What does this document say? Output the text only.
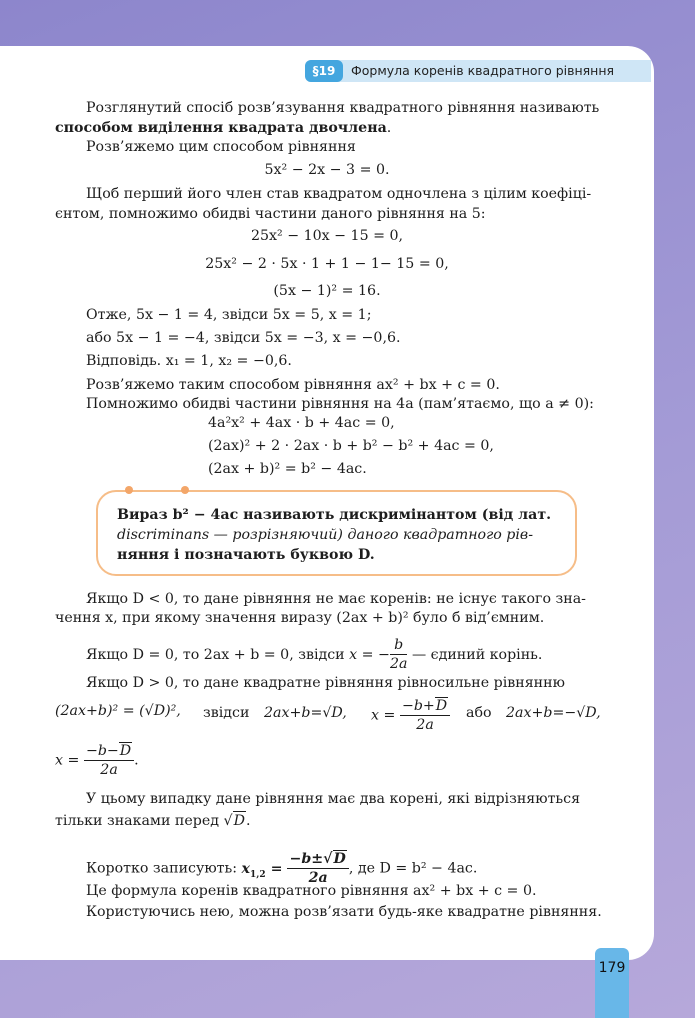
§19	Формула коренів квадратного рівняння
Розглянутий спосіб розв’язування квадратного рівняння називають
способом виділення квадрата двочлена.
Розв’яжемо цим способом рівняння
5x² − 2x − 3 = 0.
Щоб перший його член став квадратом одночлена з цілим коефіці-
єнтом, помножимо обидві частини даного рівняння на 5:
25x² − 10x − 15 = 0,
25x² − 2 · 5x · 1 + 1 − 1− 15 = 0,
(5x − 1)² = 16.
Отже, 5x − 1 = 4, звідси 5x = 5, x = 1;
або 5x − 1 = −4, звідси 5x = −3, x = −0,6.
Відповідь. x₁ = 1, x₂ = −0,6.
Розв’яжемо таким способом рівняння ax² + bx + c = 0.
Помножимо обидві частини рівняння на 4a (пам’ятаємо, що a ≠ 0):
4a²x² + 4ax · b + 4ac = 0,
(2ax)² + 2 · 2ax · b + b² − b² + 4ac = 0,
(2ax + b)² = b² − 4ac.
Вираз b² − 4ac називають дискримінантом (від лат.
discriminans — розрізняючий) даного квадратного рів-
няння і позначають буквою D.
Якщо D < 0, то дане рівняння не має коренів: не існує такого зна-
чення x, при якому значення виразу (2ax + b)² було б від’ємним.
Якщо D = 0, то 2ax + b = 0, звідси x = − $\frac{b}{2a}$ — єдиний корінь.
Якщо D > 0, то дане квадратне рівняння рівносильне рівнянню
(2ax+b)² = (√D)², звідси 2ax+b=√D, $x = \frac{-b+D}{2a}$ або 2ax+b=−√D,
$x = \frac{-b-D}{2a}$ .
У цьому випадку дане рівняння має два корені, які відрізняються
тільки знаками перед √D.
Коротко записують: $x_{1,2} = \frac{-b\pm√D}{2a}$ , де D = b² − 4ac.
Це формула коренів квадратного рівняння ax² + bx + c = 0.
Користуючись нею, можна розв’язати будь-яке квадратне рівняння.
179
